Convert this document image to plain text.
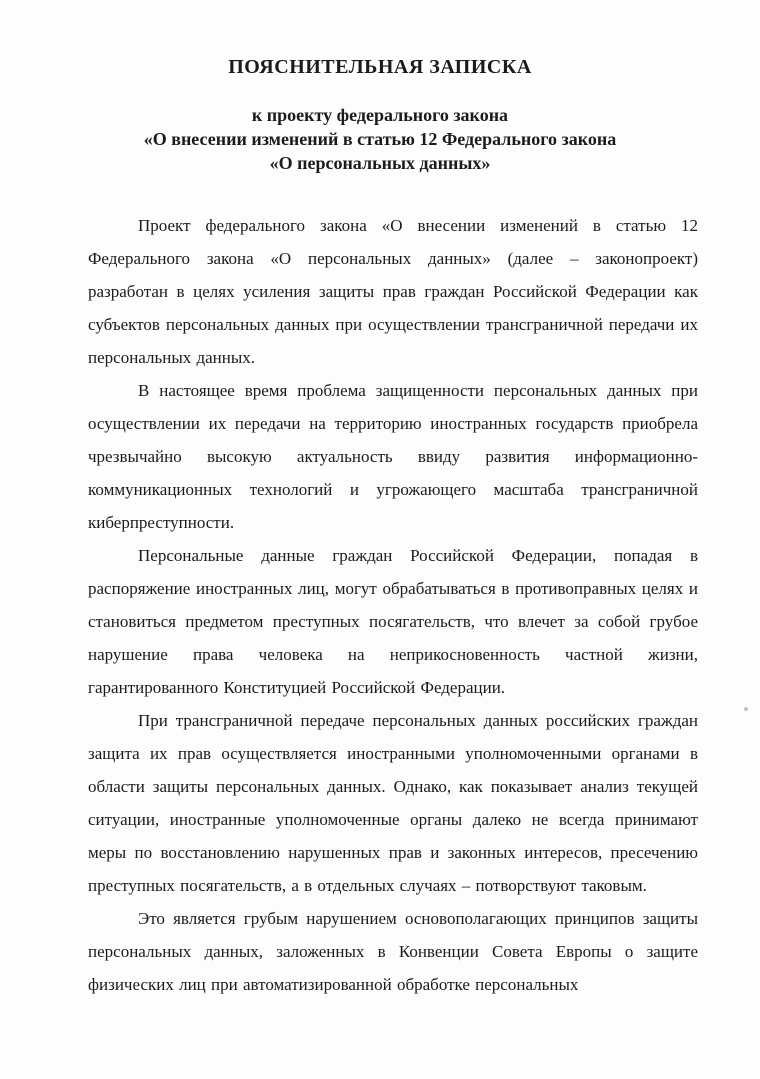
ПОЯСНИТЕЛЬНАЯ ЗАПИСКА
к проекту федерального закона
«О внесении изменений в статью 12 Федерального закона
«О персональных данных»

Проект федерального закона «О внесении изменений в статью 12 Федерального закона «О персональных данных» (далее – законопроект) разработан в целях усиления защиты прав граждан Российской Федерации как субъектов персональных данных при осуществлении трансграничной передачи их персональных данных.

В настоящее время проблема защищенности персональных данных при осуществлении их передачи на территорию иностранных государств приобрела чрезвычайно высокую актуальность ввиду развития информационно-коммуникационных технологий и угрожающего масштаба трансграничной киберпреступности.

Персональные данные граждан Российской Федерации, попадая в распоряжение иностранных лиц, могут обрабатываться в противоправных целях и становиться предметом преступных посягательств, что влечет за собой грубое нарушение права человека на неприкосновенность частной жизни, гарантированного Конституцией Российской Федерации.

При трансграничной передаче персональных данных российских граждан защита их прав осуществляется иностранными уполномоченными органами в области защиты персональных данных. Однако, как показывает анализ текущей ситуации, иностранные уполномоченные органы далеко не всегда принимают меры по восстановлению нарушенных прав и законных интересов, пресечению преступных посягательств, а в отдельных случаях – потворствуют таковым.

Это является грубым нарушением основополагающих принципов защиты персональных данных, заложенных в Конвенции Совета Европы о защите физических лиц при автоматизированной обработке персональных
